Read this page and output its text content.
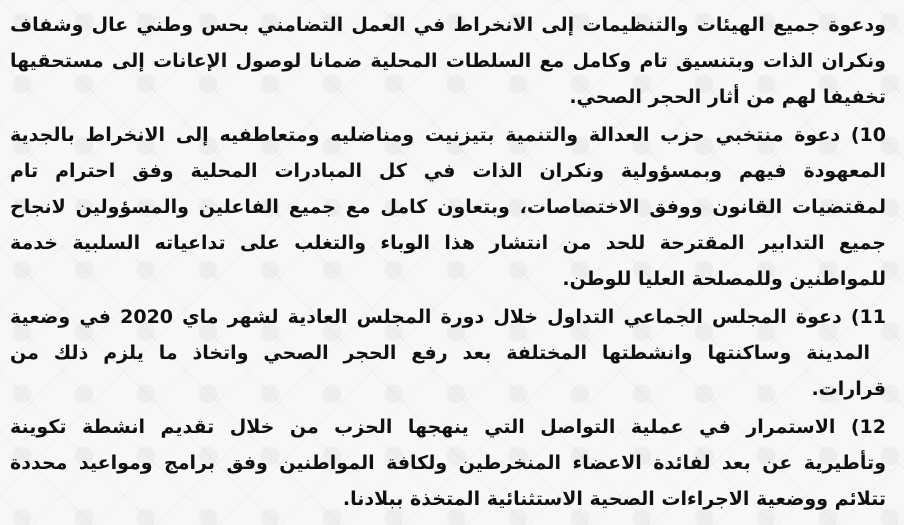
ودعوة جميع الهيئات والتنظيمات إلى الانخراط في العمل التضامني بحس وطني عال وشفاف
ونكران الذات وبتنسيق تام وكامل مع السلطات المحلية ضمانا لوصول الإعانات إلى مستحقيها
تخفيفا لهم من أثار الحجر الصحي.
10) دعوة منتخبي حزب العدالة والتنمية بتيزنيت ومناضليه ومتعاطفيه إلى الانخراط بالجدية
المعهودة فيهم وبمسؤولية ونكران الذات في كل المبادرات المحلية وفق احترام تام
لمقتضيات القانون ووفق الاختصاصات، وبتعاون كامل مع جميع الفاعلين والمسؤولين لانجاح
جميع التدابير المقترحة للحد من انتشار هذا الوباء والتغلب على تداعياته السلبية خدمة
للمواطنين وللمصلحة العليا للوطن.
11) دعوة المجلس الجماعي التداول خلال دورة المجلس العادية لشهر ماي 2020 في وضعية
المدينة وساكنتها وانشطتها المختلفة بعد رفع الحجر الصحي واتخاذ ما يلزم ذلك من
قرارات.
12) الاستمرار في عملية التواصل التي ينهجها الحزب من خلال تقديم انشطة تكوينة
وتأطيرية عن بعد لفائدة الاعضاء المنخرطين ولكافة المواطنين وفق برامج ومواعيد محددة
تتلائم ووضعية الاجراءات الصحية الاستثنائية المتخذة ببلادنا.
